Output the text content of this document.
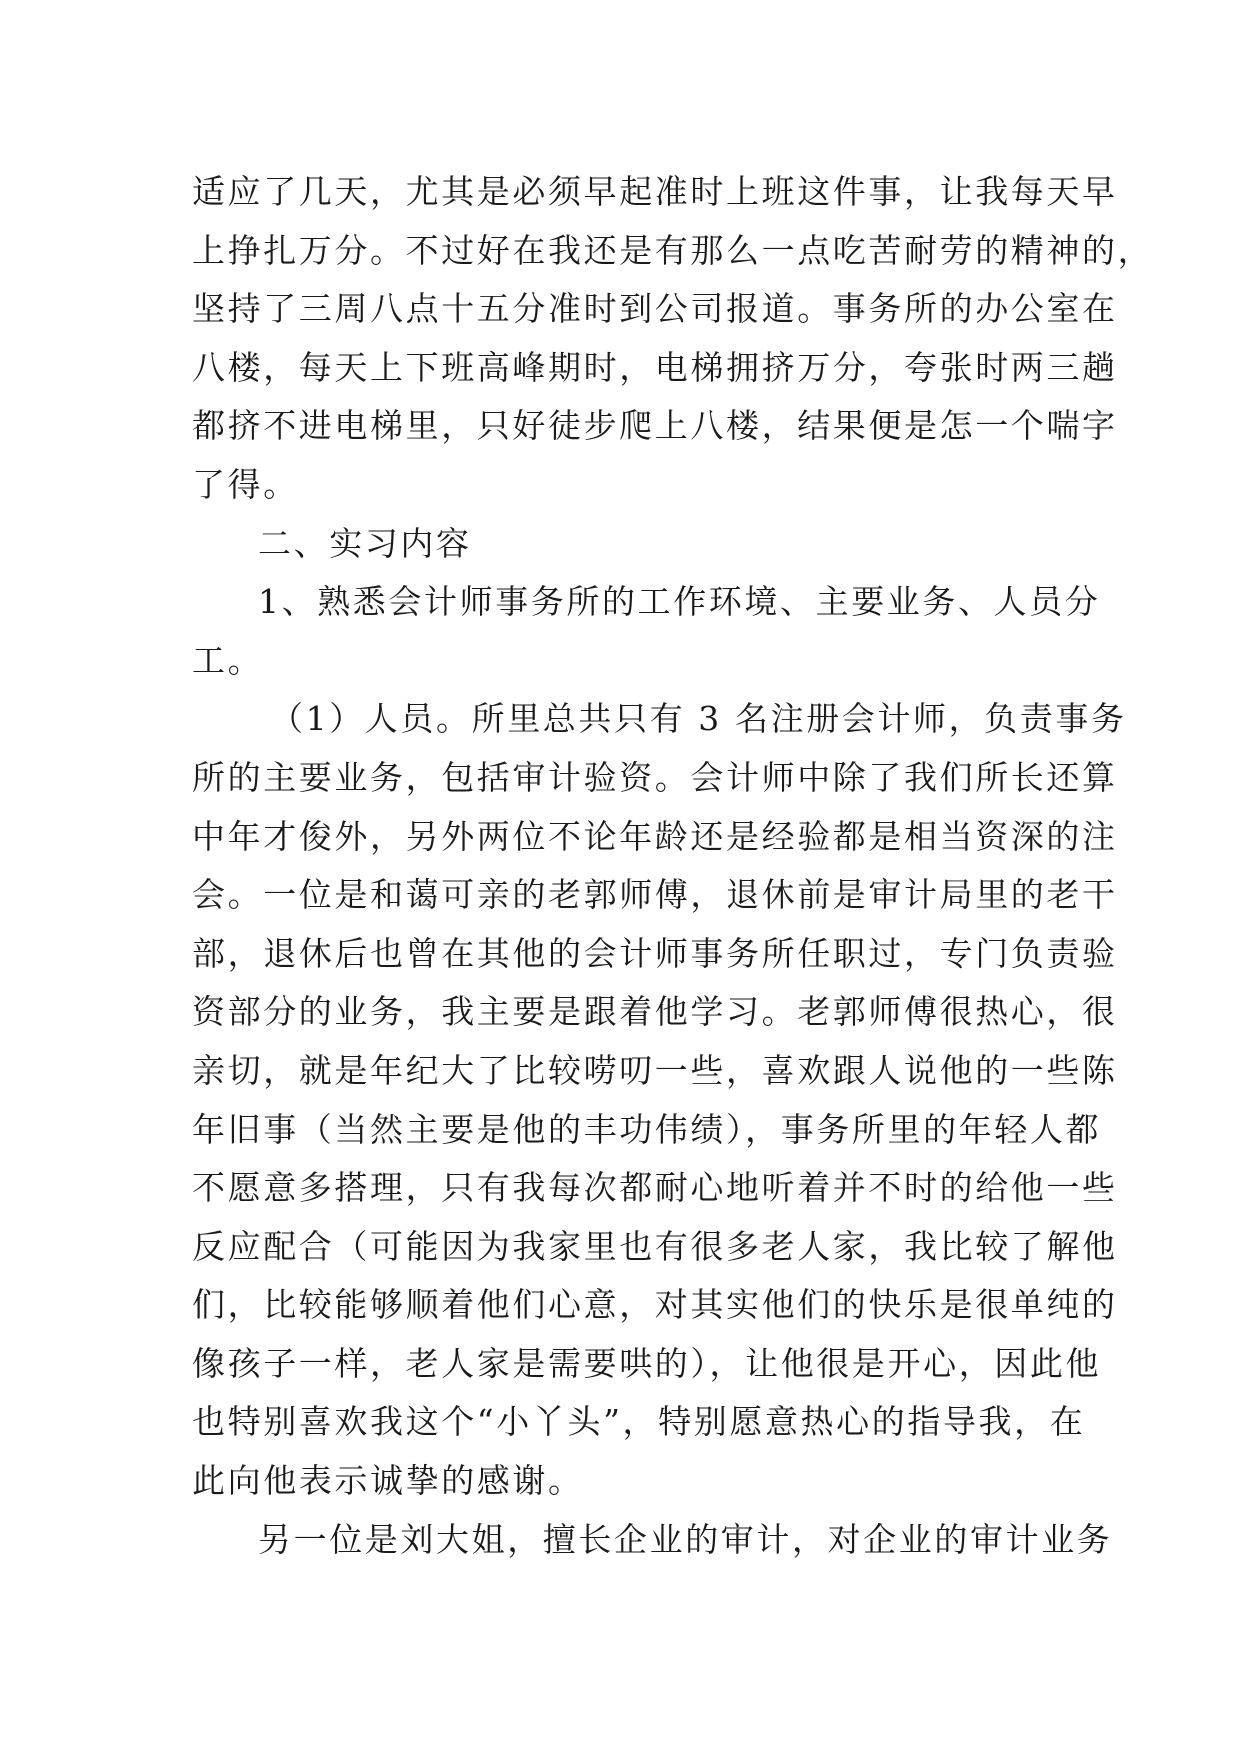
适应了几天，尤其是必须早起准时上班这件事，让我每天早
上挣扎万分。不过好在我还是有那么一点吃苦耐劳的精神的，
坚持了三周八点十五分准时到公司报道。事务所的办公室在
八楼，每天上下班高峰期时，电梯拥挤万分，夸张时两三趟
都挤不进电梯里，只好徒步爬上八楼，结果便是怎一个喘字
了得。
二、实习内容
1、熟悉会计师事务所的工作环境、主要业务、人员分
工。
（1）人员。所里总共只有 3 名注册会计师，负责事务
所的主要业务，包括审计验资。会计师中除了我们所长还算
中年才俊外，另外两位不论年龄还是经验都是相当资深的注
会。一位是和蔼可亲的老郭师傅，退休前是审计局里的老干
部，退休后也曾在其他的会计师事务所任职过，专门负责验
资部分的业务，我主要是跟着他学习。老郭师傅很热心，很
亲切，就是年纪大了比较唠叨一些，喜欢跟人说他的一些陈
年旧事（当然主要是他的丰功伟绩），事务所里的年轻人都
不愿意多搭理，只有我每次都耐心地听着并不时的给他一些
反应配合（可能因为我家里也有很多老人家，我比较了解他
们，比较能够顺着他们心意，对其实他们的快乐是很单纯的
像孩子一样，老人家是需要哄的），让他很是开心，因此他
也特别喜欢我这个“小丫头”，特别愿意热心的指导我，在
此向他表示诚挚的感谢。
另一位是刘大姐，擅长企业的审计，对企业的审计业务
